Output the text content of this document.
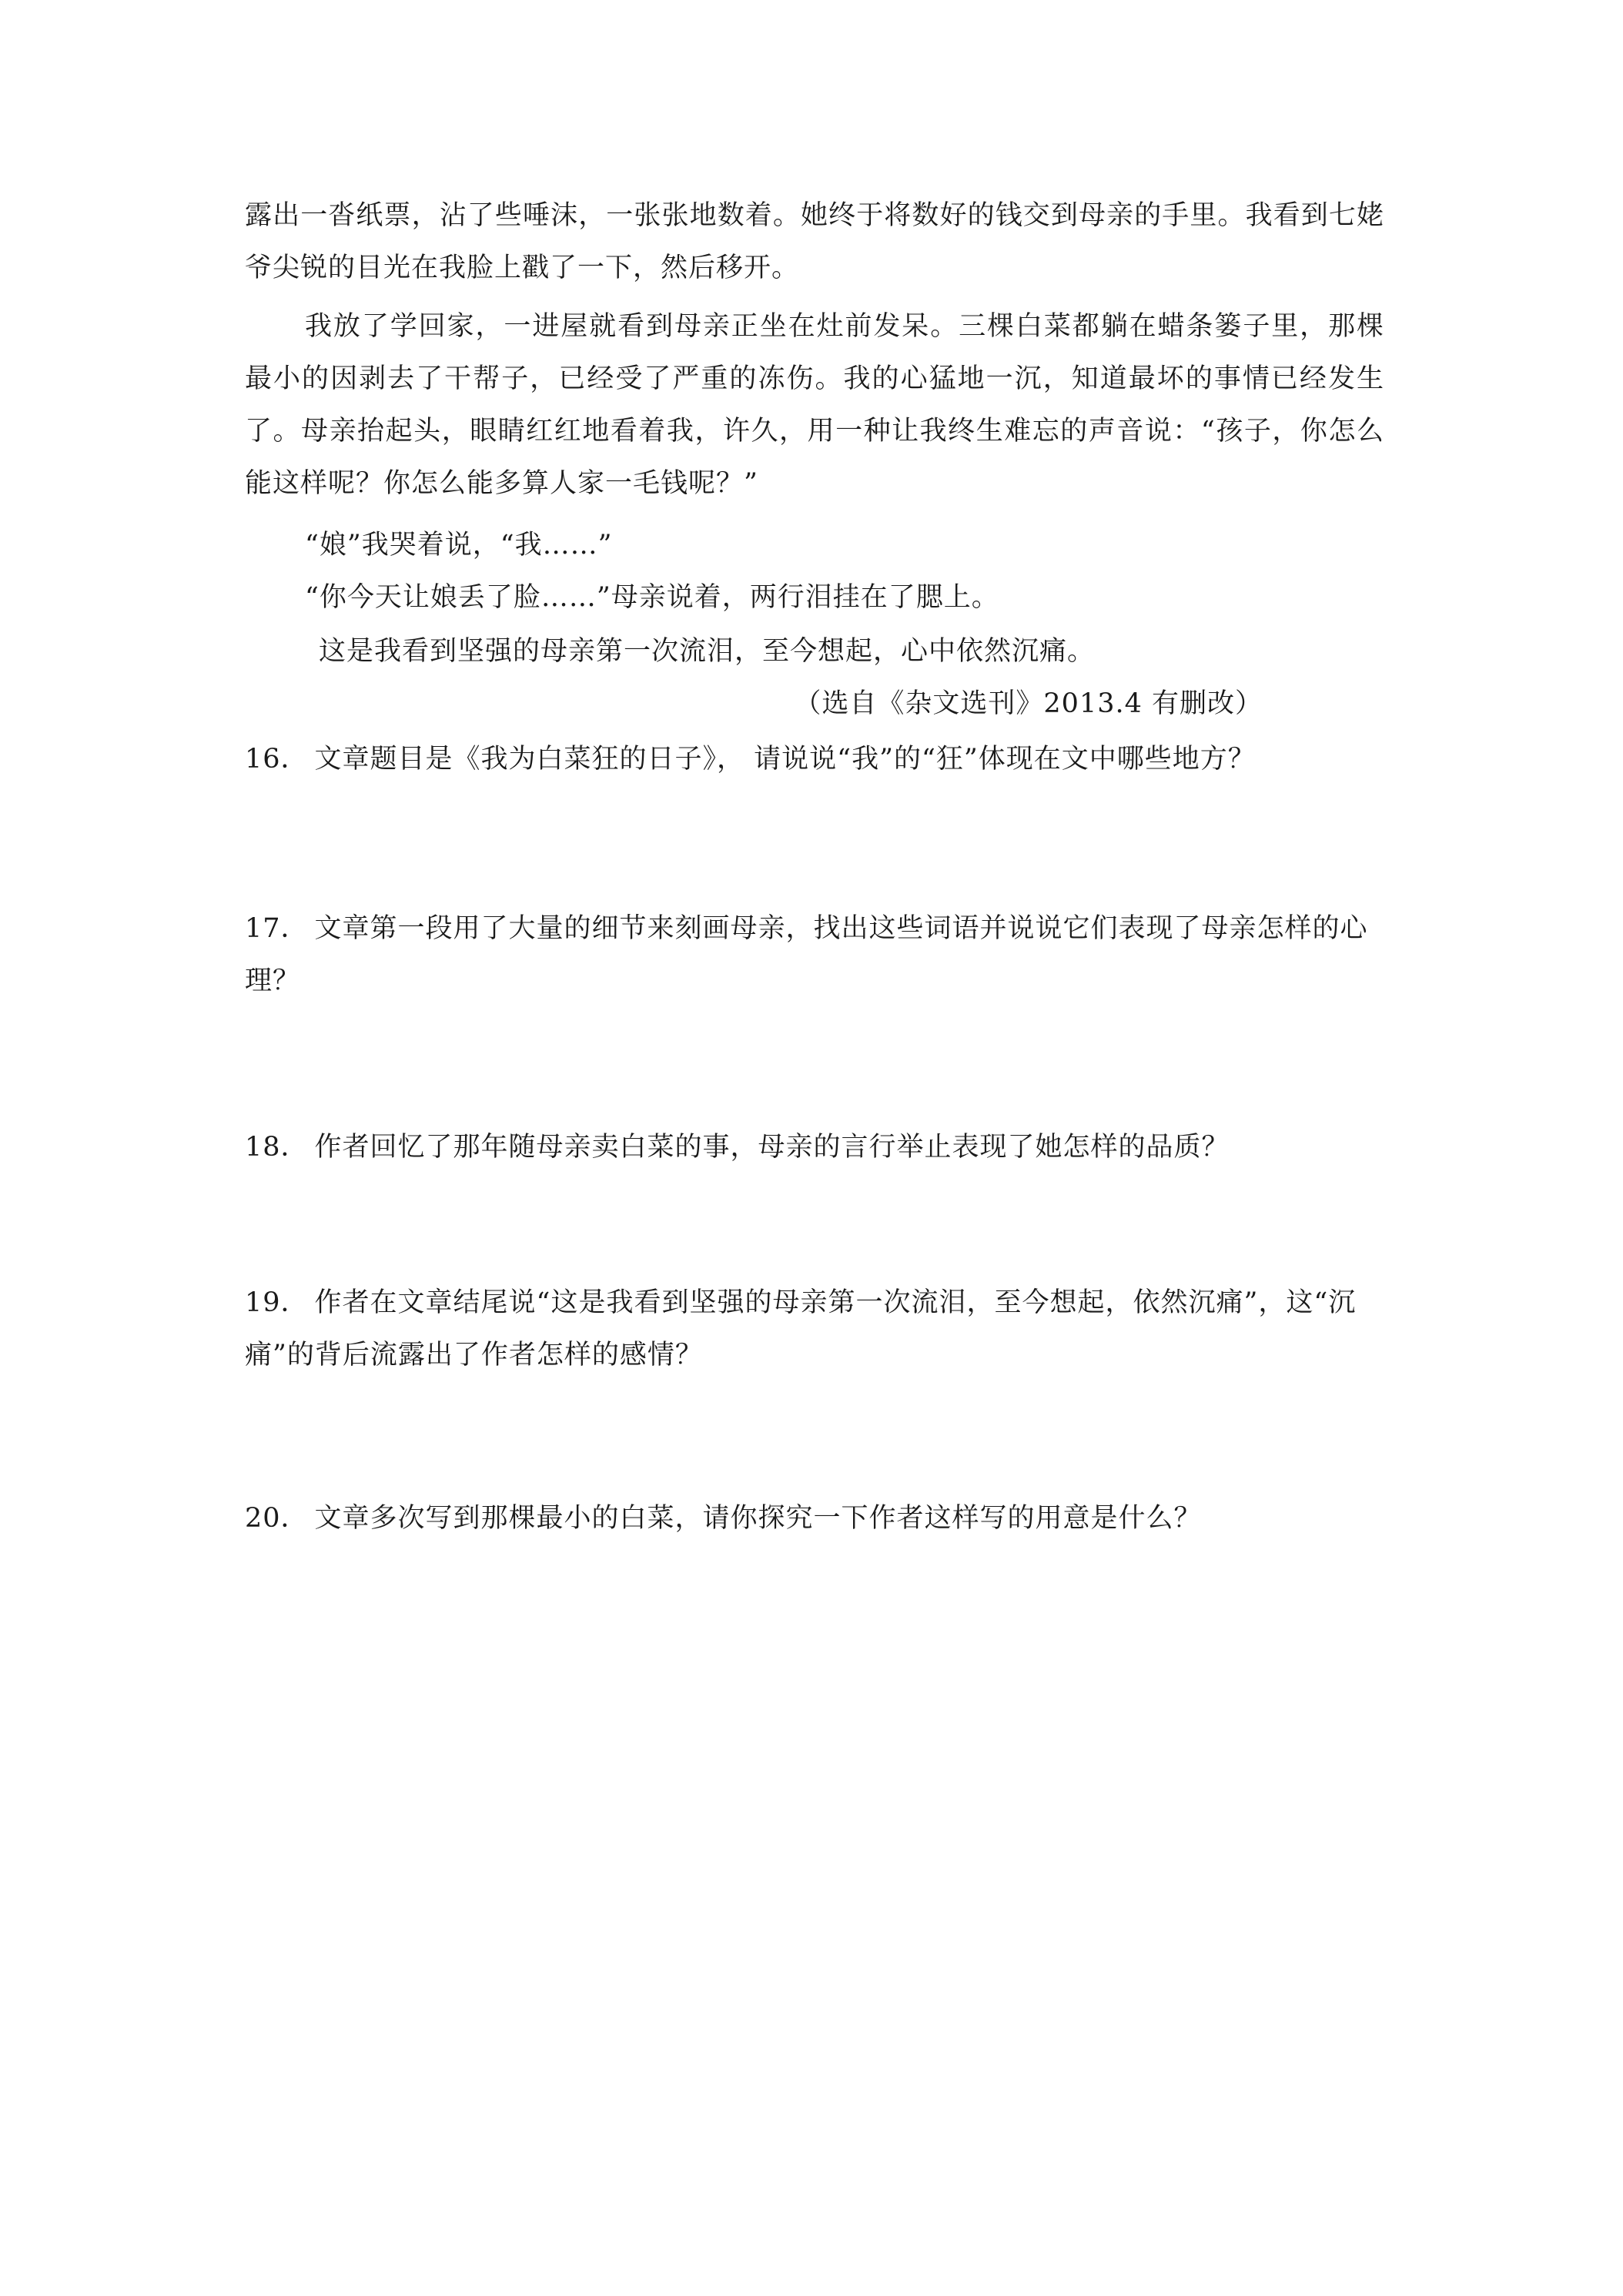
露出一沓纸票，沾了些唾沫，一张张地数着。她终于将数好的钱交到母亲的手里。我看到七姥爷尖锐的目光在我脸上戳了一下，然后移开。

我放了学回家，一进屋就看到母亲正坐在灶前发呆。三棵白菜都躺在蜡条篓子里，那棵最小的因剥去了干帮子，已经受了严重的冻伤。我的心猛地一沉，知道最坏的事情已经发生了。母亲抬起头，眼睛红红地看着我，许久，用一种让我终生难忘的声音说：“孩子，你怎么能这样呢？你怎么能多算人家一毛钱呢？”

“娘”我哭着说，“我……”

“你今天让娘丢了脸……”母亲说着，两行泪挂在了腮上。

这是我看到坚强的母亲第一次流泪，至今想起，心中依然沉痛。

（选自《杂文选刊》2013.4 有删改）

16． 文章题目是《我为白菜狂的日子》， 请说说“我”的“狂”体现在文中哪些地方？
17． 文章第一段用了大量的细节来刻画母亲，找出这些词语并说说它们表现了母亲怎样的心理？
18． 作者回忆了那年随母亲卖白菜的事，母亲的言行举止表现了她怎样的品质？
19． 作者在文章结尾说“这是我看到坚强的母亲第一次流泪，至今想起，依然沉痛”，这“沉痛”的背后流露出了作者怎样的感情？
20． 文章多次写到那棵最小的白菜，请你探究一下作者这样写的用意是什么？
